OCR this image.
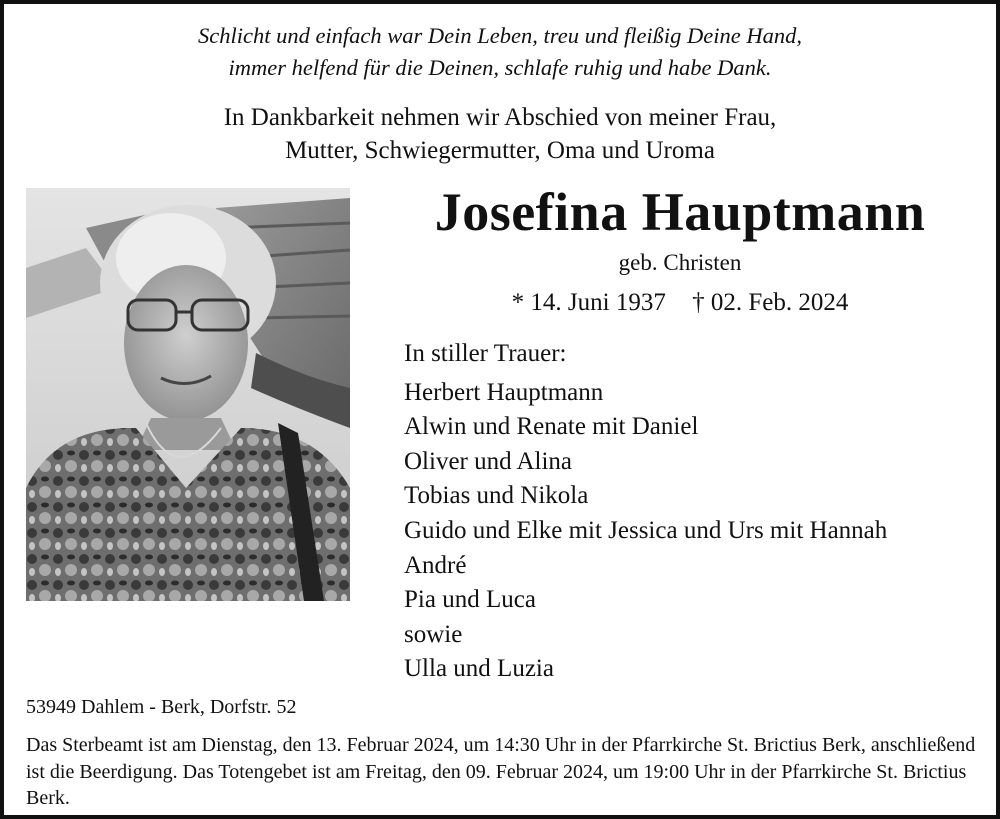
Schlicht und einfach war Dein Leben, treu und fleißig Deine Hand,
immer helfend für die Deinen, schlafe ruhig und habe Dank.
In Dankbarkeit nehmen wir Abschied von meiner Frau,
Mutter, Schwiegermutter, Oma und Uroma
Josefina Hauptmann
geb. Christen
* 14. Juni 1937 † 02. Feb. 2024
In stiller Trauer:
Herbert Hauptmann
Alwin und Renate mit Daniel
Oliver und Alina
Tobias und Nikola
Guido und Elke mit Jessica und Urs mit Hannah
André
Pia und Luca
sowie
Ulla und Luzia
53949 Dahlem - Berk, Dorfstr. 52
Das Sterbeamt ist am Dienstag, den 13. Februar 2024, um 14:30 Uhr in der Pfarrkirche St. Brictius Berk, anschließend ist die Beerdigung. Das Totengebet ist am Freitag, den 09. Februar 2024, um 19:00 Uhr in der Pfarrkirche St. Brictius Berk.
